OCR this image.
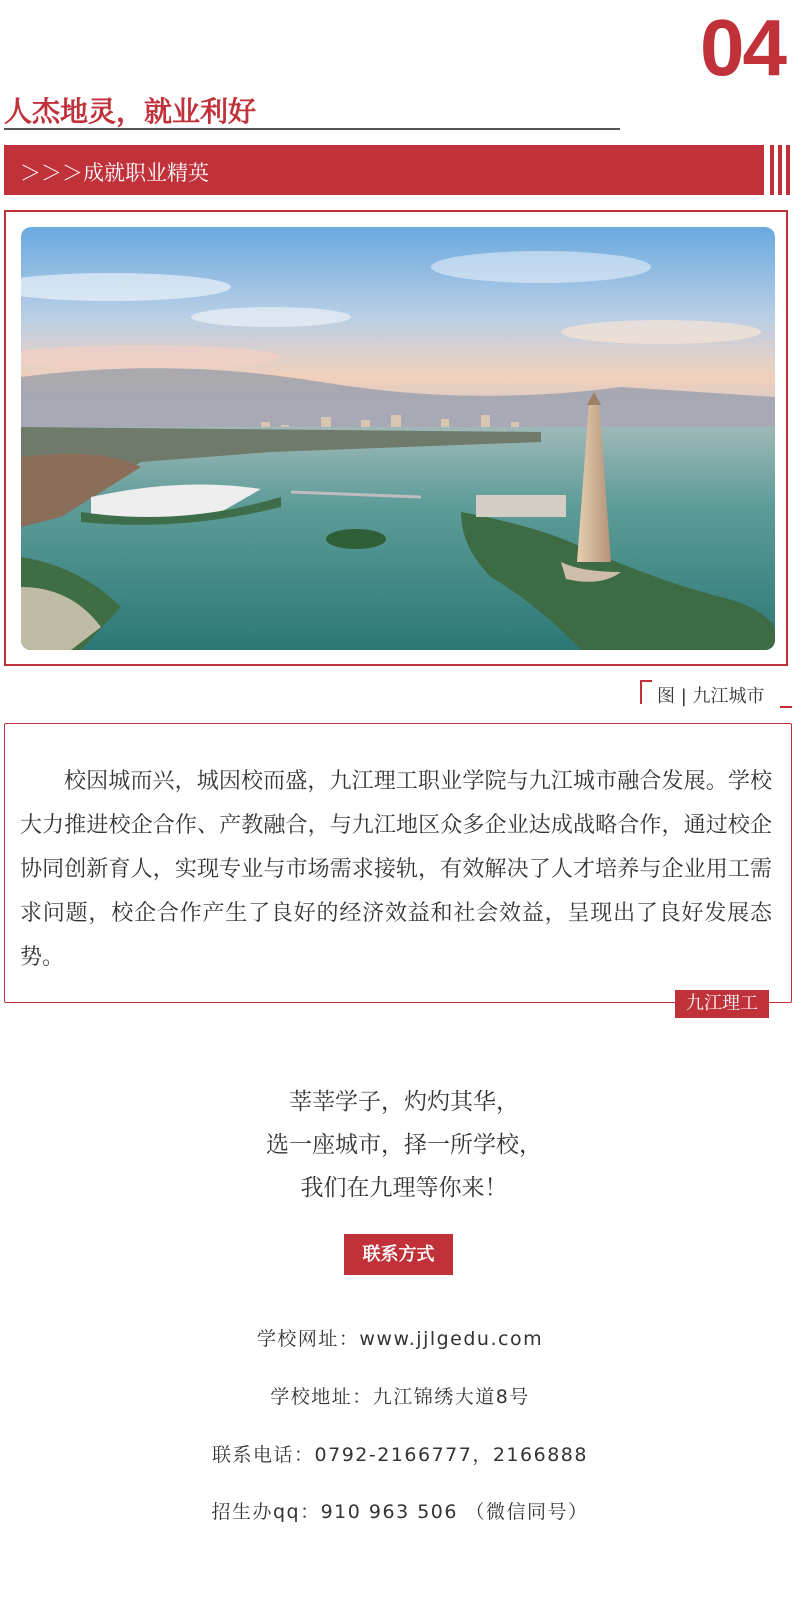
04
人杰地灵，就业利好
＞＞＞成就职业精英
图 | 九江城市

校因城而兴，城因校而盛，九江理工职业学院与九江城市融合发展。学校大力推进校企合作、产教融合，与九江地区众多企业达成战略合作，通过校企协同创新育人，实现专业与市场需求接轨，有效解决了人才培养与企业用工需求问题，校企合作产生了良好的经济效益和社会效益，呈现出了良好发展态势。

九江理工
莘莘学子，灼灼其华，
选一座城市，择一所学校，
我们在九理等你来！
联系方式
学校网址：www.jjlgedu.com
学校地址：九江锦绣大道8号
联系电话：0792-2166777，2166888
招生办qq：910 963 506 （微信同号）
